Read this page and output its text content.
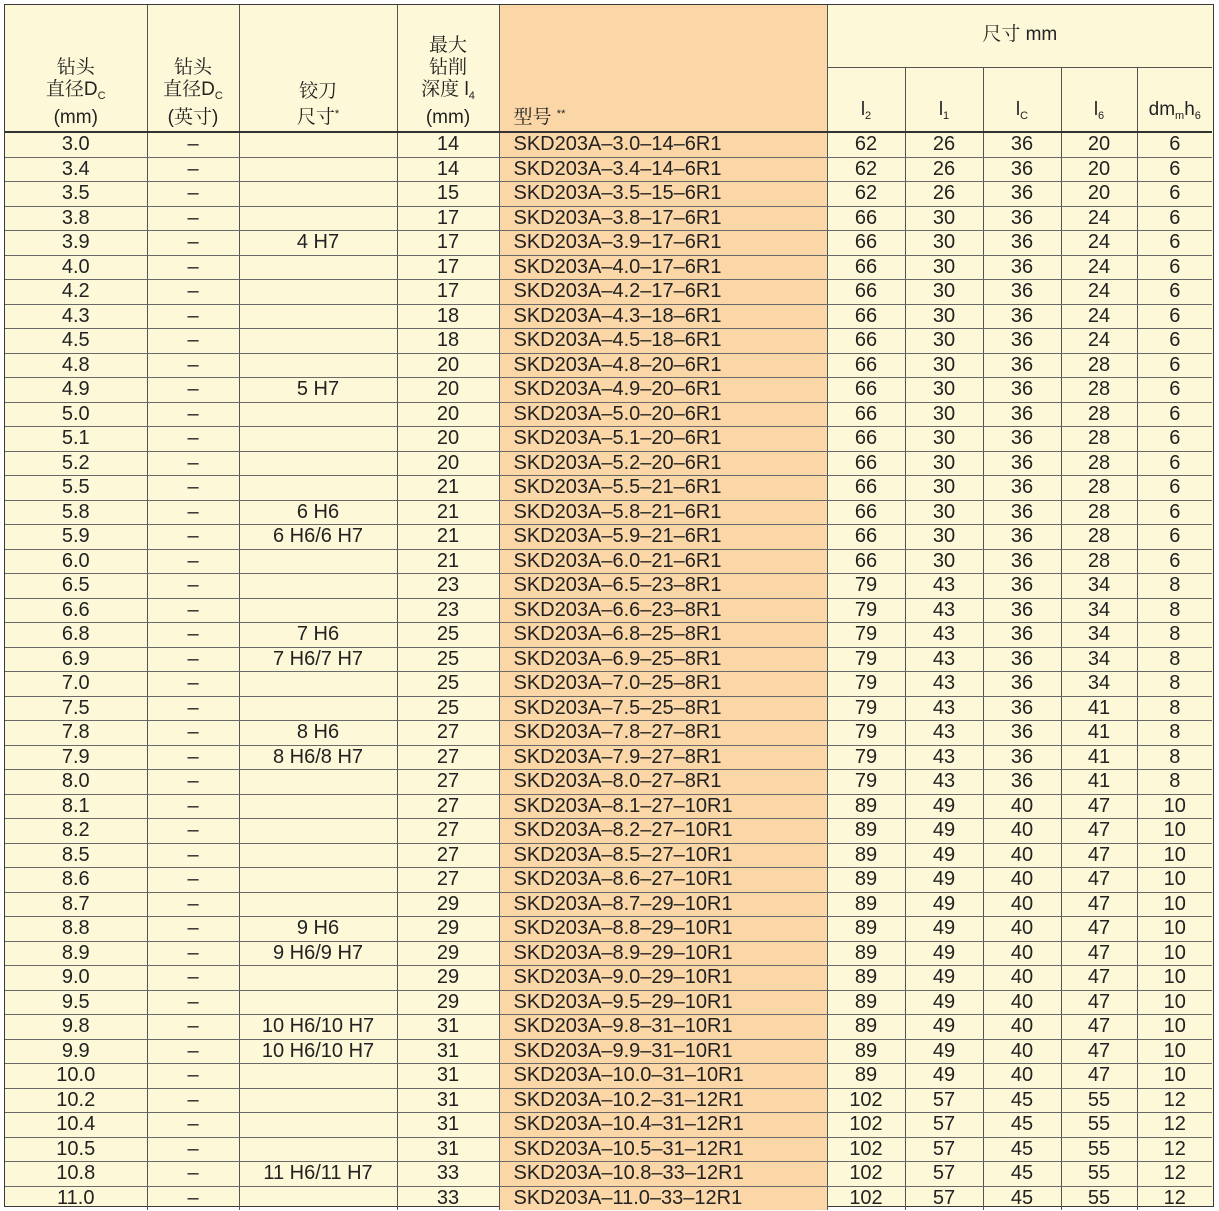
钻头
直径$D_C$
(mm)	钻头
直径$D_C$
(英寸)	铰刀
尺寸*	最大
钻削
深度 $l_4$
(mm)	型号 **	尺寸 mm				
					$l_2$	$l_1$	$l_C$	$l_6$	$dm_mh_6$
3.0	–		14	SKD203A–3.0–14–6R1	62	26	36	20	6
3.4	–		14	SKD203A–3.4–14–6R1	62	26	36	20	6
3.5	–		15	SKD203A–3.5–15–6R1	62	26	36	20	6
3.8	–		17	SKD203A–3.8–17–6R1	66	30	36	24	6
3.9	–	4 H7	17	SKD203A–3.9–17–6R1	66	30	36	24	6
4.0	–		17	SKD203A–4.0–17–6R1	66	30	36	24	6
4.2	–		17	SKD203A–4.2–17–6R1	66	30	36	24	6
4.3	–		18	SKD203A–4.3–18–6R1	66	30	36	24	6
4.5	–		18	SKD203A–4.5–18–6R1	66	30	36	24	6
4.8	–		20	SKD203A–4.8–20–6R1	66	30	36	28	6
4.9	–	5 H7	20	SKD203A–4.9–20–6R1	66	30	36	28	6
5.0	–		20	SKD203A–5.0–20–6R1	66	30	36	28	6
5.1	–		20	SKD203A–5.1–20–6R1	66	30	36	28	6
5.2	–		20	SKD203A–5.2–20–6R1	66	30	36	28	6
5.5	–		21	SKD203A–5.5–21–6R1	66	30	36	28	6
5.8	–	6 H6	21	SKD203A–5.8–21–6R1	66	30	36	28	6
5.9	–	6 H6/6 H7	21	SKD203A–5.9–21–6R1	66	30	36	28	6
6.0	–		21	SKD203A–6.0–21–6R1	66	30	36	28	6
6.5	–		23	SKD203A–6.5–23–8R1	79	43	36	34	8
6.6	–		23	SKD203A–6.6–23–8R1	79	43	36	34	8
6.8	–	7 H6	25	SKD203A–6.8–25–8R1	79	43	36	34	8
6.9	–	7 H6/7 H7	25	SKD203A–6.9–25–8R1	79	43	36	34	8
7.0	–		25	SKD203A–7.0–25–8R1	79	43	36	34	8
7.5	–		25	SKD203A–7.5–25–8R1	79	43	36	41	8
7.8	–	8 H6	27	SKD203A–7.8–27–8R1	79	43	36	41	8
7.9	–	8 H6/8 H7	27	SKD203A–7.9–27–8R1	79	43	36	41	8
8.0	–		27	SKD203A–8.0–27–8R1	79	43	36	41	8
8.1	–		27	SKD203A–8.1–27–10R1	89	49	40	47	10
8.2	–		27	SKD203A–8.2–27–10R1	89	49	40	47	10
8.5	–		27	SKD203A–8.5–27–10R1	89	49	40	47	10
8.6	–		27	SKD203A–8.6–27–10R1	89	49	40	47	10
8.7	–		29	SKD203A–8.7–29–10R1	89	49	40	47	10
8.8	–	9 H6	29	SKD203A–8.8–29–10R1	89	49	40	47	10
8.9	–	9 H6/9 H7	29	SKD203A–8.9–29–10R1	89	49	40	47	10
9.0	–		29	SKD203A–9.0–29–10R1	89	49	40	47	10
9.5	–		29	SKD203A–9.5–29–10R1	89	49	40	47	10
9.8	–	10 H6/10 H7	31	SKD203A–9.8–31–10R1	89	49	40	47	10
9.9	–	10 H6/10 H7	31	SKD203A–9.9–31–10R1	89	49	40	47	10
10.0	–		31	SKD203A–10.0–31–10R1	89	49	40	47	10
10.2	–		31	SKD203A–10.2–31–12R1	102	57	45	55	12
10.4	–		31	SKD203A–10.4–31–12R1	102	57	45	55	12
10.5	–		31	SKD203A–10.5–31–12R1	102	57	45	55	12
10.8	–	11 H6/11 H7	33	SKD203A–10.8–33–12R1	102	57	45	55	12
11.0	–		33	SKD203A–11.0–33–12R1	102	57	45	55	12
